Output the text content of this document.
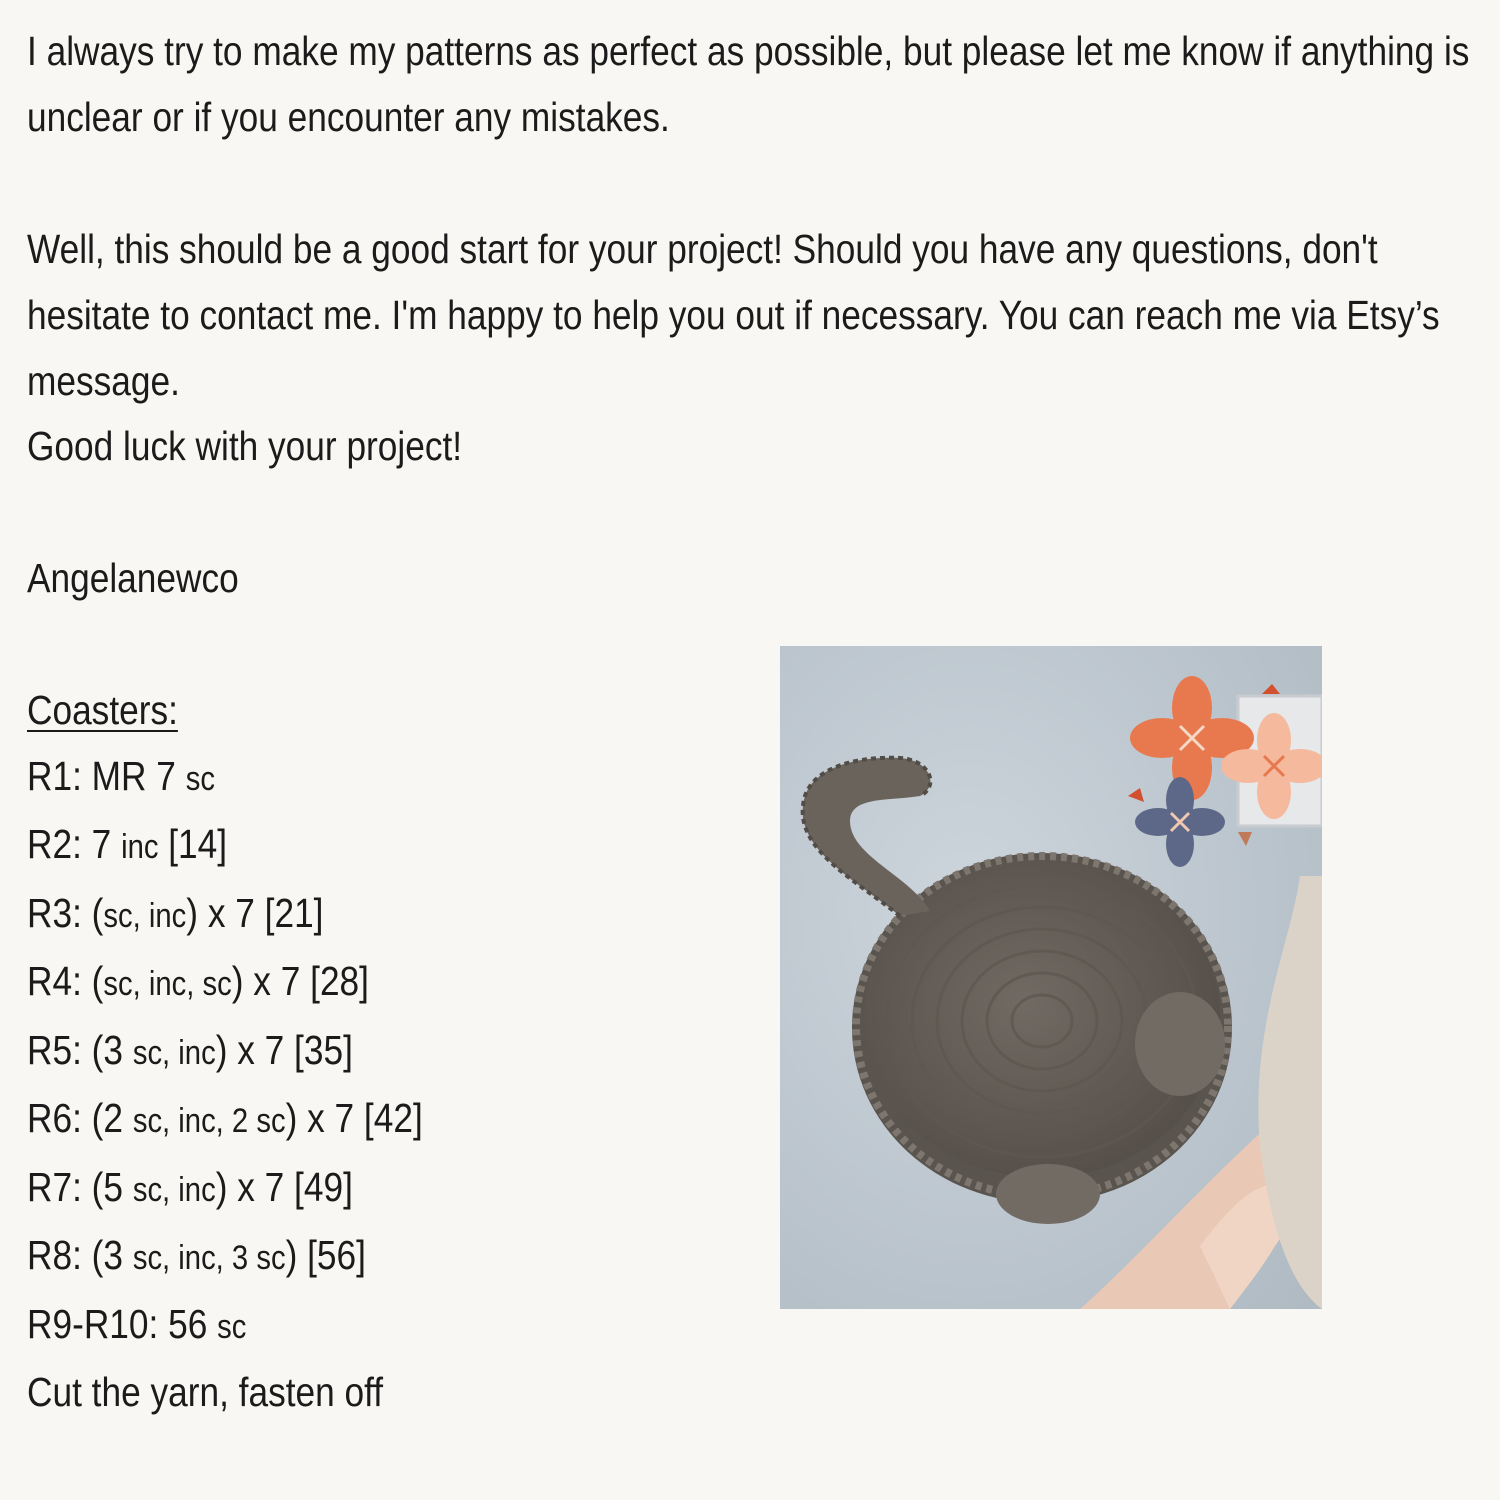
I always try to make my patterns as perfect as possible, but please let me know if anything is unclear or if you encounter any mistakes.
Well, this should be a good start for your project! Should you have any questions, don't hesitate to contact me. I'm happy to help you out if necessary. You can reach me via Etsy’s message.
Good luck with your project!
Angelanewco
Coasters:
R1: MR 7 sc
R2: 7 inc [14]
R3: (sc, inc) x 7 [21]
R4: (sc, inc, sc) x 7 [28]
R5: (3 sc, inc) x 7 [35]
R6: (2 sc, inc, 2 sc) x 7 [42]
R7: (5 sc, inc) x 7 [49]
R8: (3 sc, inc, 3 sc) [56]
R9-R10: 56 sc
Cut the yarn, fasten off
